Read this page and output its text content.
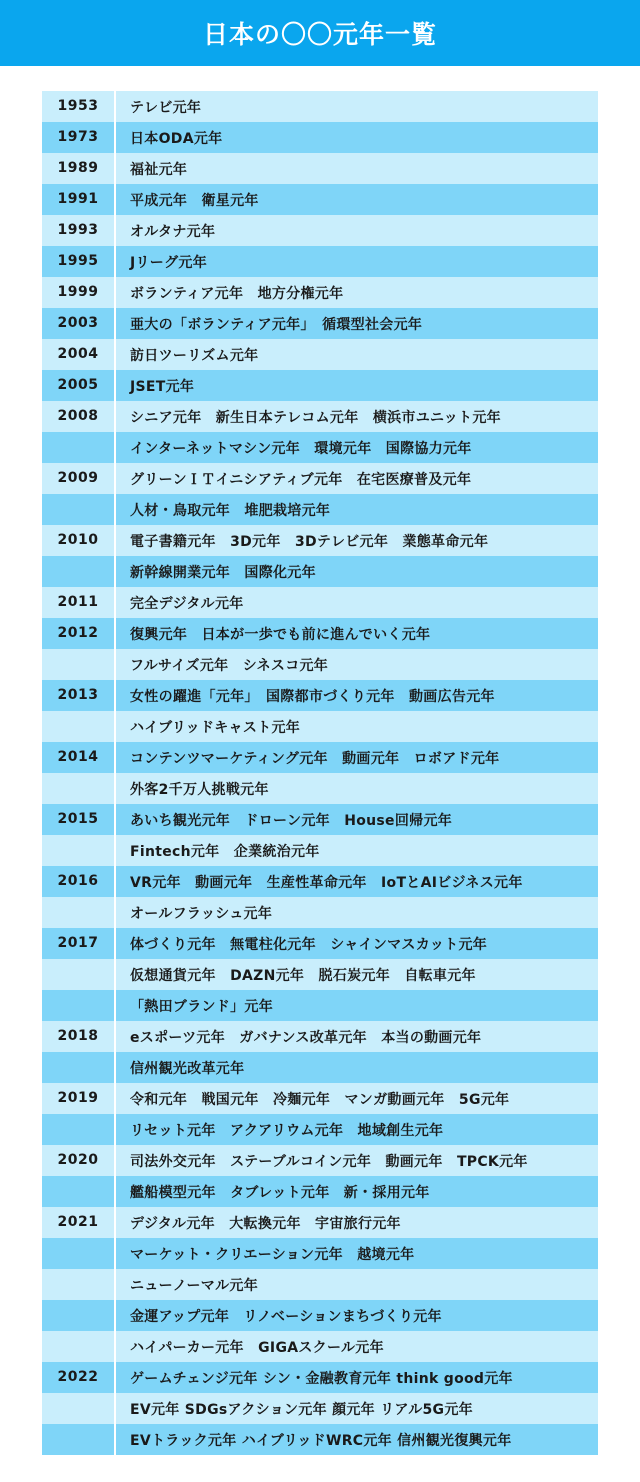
日本の〇〇元年一覧
1953	テレビ元年
1973	日本ODA元年
1989	福祉元年
1991	平成元年　衛星元年
1993	オルタナ元年
1995	Jリーグ元年
1999	ボランティア元年　地方分権元年
2003	亜大の「ボランティア元年」　循環型社会元年
2004	訪日ツーリズム元年
2005	JSET元年
2008	シニア元年　新生日本テレコム元年　横浜市ユニット元年
インターネットマシン元年　環境元年　国際協力元年
2009	グリーンＩＴイニシアティブ元年　在宅医療普及元年
人材・鳥取元年　堆肥栽培元年
2010	電子書籍元年　3D元年　3Dテレビ元年　業態革命元年
新幹線開業元年　国際化元年
2011	完全デジタル元年
2012	復興元年　日本が一歩でも前に進んでいく元年
フルサイズ元年　シネスコ元年
2013	女性の躍進「元年」　国際都市づくり元年　動画広告元年
ハイブリッドキャスト元年
2014	コンテンツマーケティング元年　動画元年　ロボアド元年
外客2千万人挑戦元年
2015	あいち観光元年　ドローン元年　House回帰元年
Fintech元年　企業統治元年
2016	VR元年　動画元年　生産性革命元年　IoTとAIビジネス元年
オールフラッシュ元年
2017	体づくり元年　無電柱化元年　シャインマスカット元年
仮想通貨元年　DAZN元年　脱石炭元年　自転車元年
「熱田ブランド」元年
2018	eスポーツ元年　ガバナンス改革元年　本当の動画元年
信州観光改革元年
2019	令和元年　戦国元年　冷麺元年　マンガ動画元年　5G元年
リセット元年　アクアリウム元年　地域創生元年
2020	司法外交元年　ステーブルコイン元年　動画元年　TPCK元年
艦船模型元年　タブレット元年　新・採用元年
2021	デジタル元年　大転換元年　宇宙旅行元年
マーケット・クリエーション元年　越境元年
ニューノーマル元年
金運アップ元年　リノベーションまちづくり元年
ハイパーカー元年　GIGAスクール元年
2022	ゲームチェンジ元年 シン・金融教育元年 think good元年
EV元年 SDGsアクション元年 顔元年 リアル5G元年
EVトラック元年 ハイブリッドWRC元年 信州観光復興元年
